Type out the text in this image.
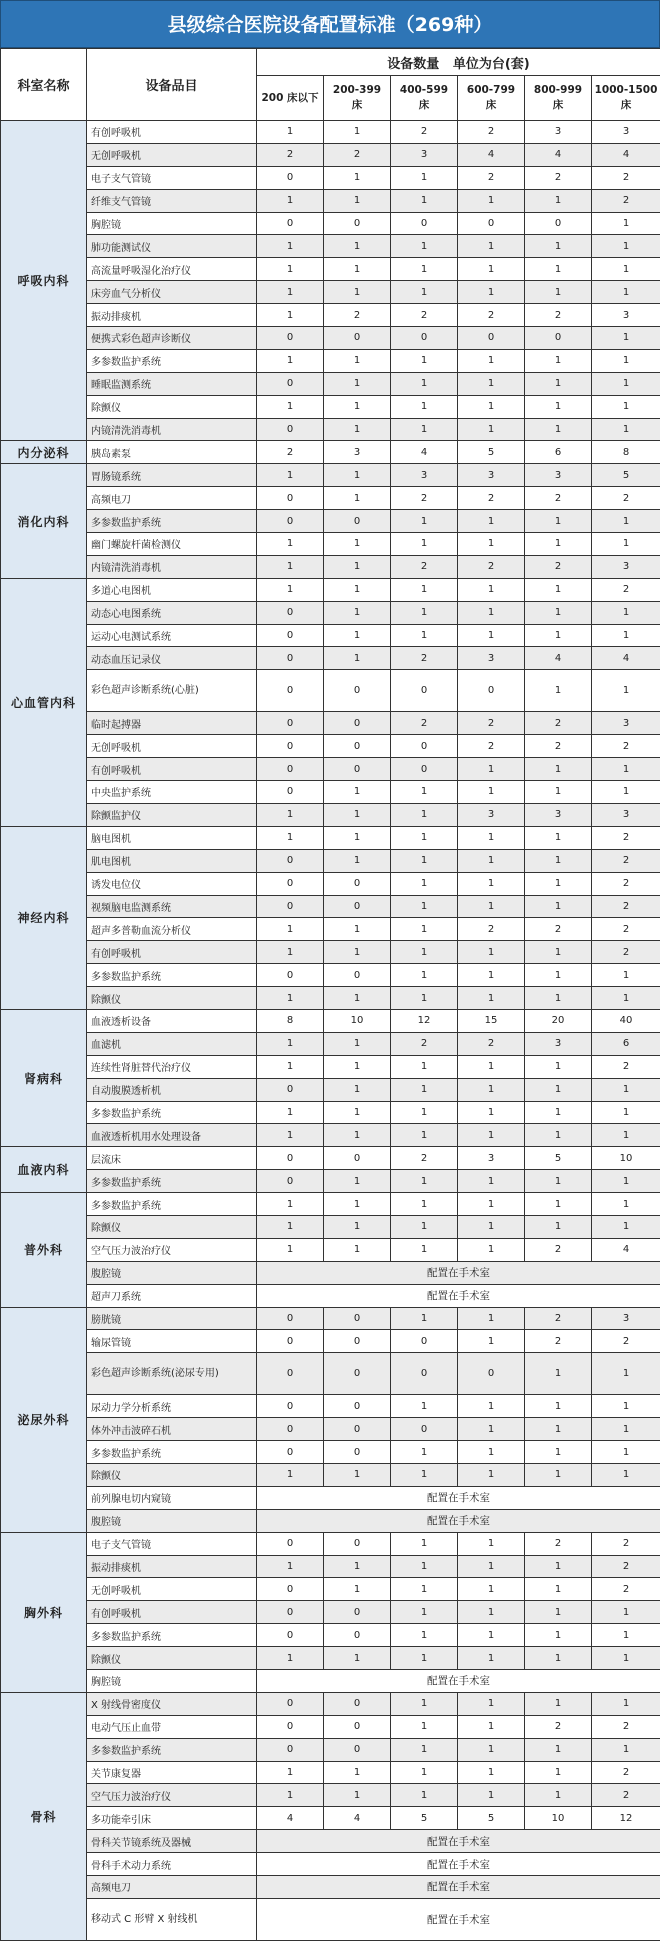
县级综合医院设备配置标准（269种）
科室名称	设备品目	设备数量   单位为台(套)					
		200 床以下	200-399 床	400-599 床	600-799 床	800-999 床	1000-1500 床
呼吸内科	有创呼吸机	1	1	2	2	3	3
	无创呼吸机	2	2	3	4	4	4
	电子支气管镜	0	1	1	2	2	2
	纤维支气管镜	1	1	1	1	1	2
	胸腔镜	0	0	0	0	0	1
	肺功能测试仪	1	1	1	1	1	1
	高流量呼吸湿化治疗仪	1	1	1	1	1	1
	床旁血气分析仪	1	1	1	1	1	1
	振动排痰机	1	2	2	2	2	3
	便携式彩色超声诊断仪	0	0	0	0	0	1
	多参数监护系统	1	1	1	1	1	1
	睡眠监测系统	0	1	1	1	1	1
	除颤仪	1	1	1	1	1	1
	内镜清洗消毒机	0	1	1	1	1	1
内分泌科	胰岛素泵	2	3	4	5	6	8
消化内科	胃肠镜系统	1	1	3	3	3	5
	高频电刀	0	1	2	2	2	2
	多参数监护系统	0	0	1	1	1	1
	幽门螺旋杆菌检测仪	1	1	1	1	1	1
	内镜清洗消毒机	1	1	2	2	2	3
心血管内科	多道心电图机	1	1	1	1	1	2
	动态心电图系统	0	1	1	1	1	1
	运动心电测试系统	0	1	1	1	1	1
	动态血压记录仪	0	1	2	3	4	4

	彩色超声诊断系统(心脏)	0	0	0	0	1	1
	临时起搏器	0	0	2	2	2	3
	无创呼吸机	0	0	0	2	2	2
	有创呼吸机	0	0	0	1	1	1
	中央监护系统	0	1	1	1	1	1
	除颤监护仪	1	1	1	3	3	3
神经内科	脑电图机	1	1	1	1	1	2
	肌电图机	0	1	1	1	1	2
	诱发电位仪	0	0	1	1	1	2
	视频脑电监测系统	0	0	1	1	1	2
	超声多普勒血流分析仪	1	1	1	2	2	2
	有创呼吸机	1	1	1	1	1	2
	多参数监护系统	0	0	1	1	1	1
	除颤仪	1	1	1	1	1	1
肾病科	血液透析设备	8	10	12	15	20	40
	血滤机	1	1	2	2	3	6
	连续性肾脏替代治疗仪	1	1	1	1	1	2
	自动腹膜透析机	0	1	1	1	1	1
	多参数监护系统	1	1	1	1	1	1
	血液透析机用水处理设备	1	1	1	1	1	1
血液内科	层流床	0	0	2	3	5	10
	多参数监护系统	0	1	1	1	1	1
普外科	多参数监护系统	1	1	1	1	1	1
	除颤仪	1	1	1	1	1	1
	空气压力波治疗仪	1	1	1	1	2	4
	腹腔镜	配置在手术室					
	超声刀系统	配置在手术室					
泌尿外科	膀胱镜	0	0	1	1	2	3
	输尿管镜	0	0	0	1	2	2

	彩色超声诊断系统(泌尿专用)	0	0	0	0	1	1
	尿动力学分析系统	0	0	1	1	1	1
	体外冲击波碎石机	0	0	0	1	1	1
	多参数监护系统	0	0	1	1	1	1
	除颤仪	1	1	1	1	1	1
	前列腺电切内窥镜	配置在手术室					
	腹腔镜	配置在手术室					
胸外科	电子支气管镜	0	0	1	1	2	2
	振动排痰机	1	1	1	1	1	2
	无创呼吸机	0	1	1	1	1	2
	有创呼吸机	0	0	1	1	1	1
	多参数监护系统	0	0	1	1	1	1
	除颤仪	1	1	1	1	1	1
	胸腔镜	配置在手术室					
骨科	X 射线骨密度仪	0	0	1	1	1	1
	电动气压止血带	0	0	1	1	2	2
	多参数监护系统	0	0	1	1	1	1
	关节康复器	1	1	1	1	1	2
	空气压力波治疗仪	1	1	1	1	1	2
	多功能牵引床	4	4	5	5	10	12
	骨科关节镜系统及器械	配置在手术室					
	骨科手术动力系统	配置在手术室					
	高频电刀	配置在手术室					

	移动式 C 形臂 X 射线机	配置在手术室					
